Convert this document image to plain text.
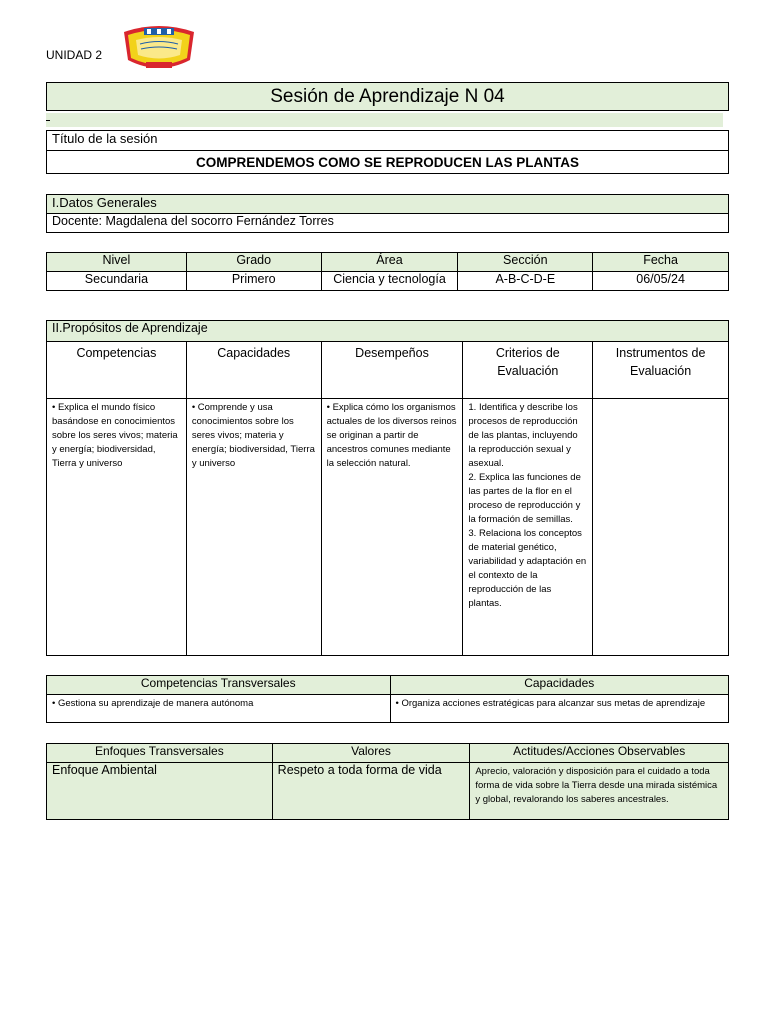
UNIDAD 2
Sesión de Aprendizaje N 04
Título de la sesión
COMPRENDEMOS COMO SE REPRODUCEN LAS PLANTAS
I.Datos Generales
Docente: Magdalena del socorro Fernández Torres
Nivel	Grado	Área	Sección	Fecha
Secundaria	Primero	Ciencia y tecnología	A-B-C-D-E	06/05/24
II.Propósitos de Aprendizaje				
Competencias	Capacidades	Desempeños	Criterios de Evaluación	Instrumentos de Evaluación
• Explica el mundo físico basándose en conocimientos sobre los seres vivos; materia y energía; biodiversidad, Tierra y universo	• Comprende y usa conocimientos sobre los seres vivos; materia y energía; biodiversidad, Tierra y universo	• Explica cómo los organismos actuales de los diversos reinos se originan a partir de ancestros comunes mediante la selección natural.	1. Identifica y describe los procesos de reproducción de las plantas, incluyendo la reproducción sexual y asexual.
2. Explica las funciones de las partes de la flor en el proceso de reproducción y la formación de semillas.
3. Relaciona los conceptos de material genético, variabilidad y adaptación en el contexto de la reproducción de las plantas.	

Competencias Transversales	Capacidades
• Gestiona su aprendizaje de manera autónoma	• Organiza acciones estratégicas para alcanzar sus metas de aprendizaje
Enfoques Transversales	Valores	Actitudes/Acciones Observables
Enfoque Ambiental	Respeto a toda forma de vida	Aprecio, valoración y disposición para el cuidado a toda forma de vida sobre la Tierra desde una mirada sistémica y global, revalorando los saberes ancestrales.
